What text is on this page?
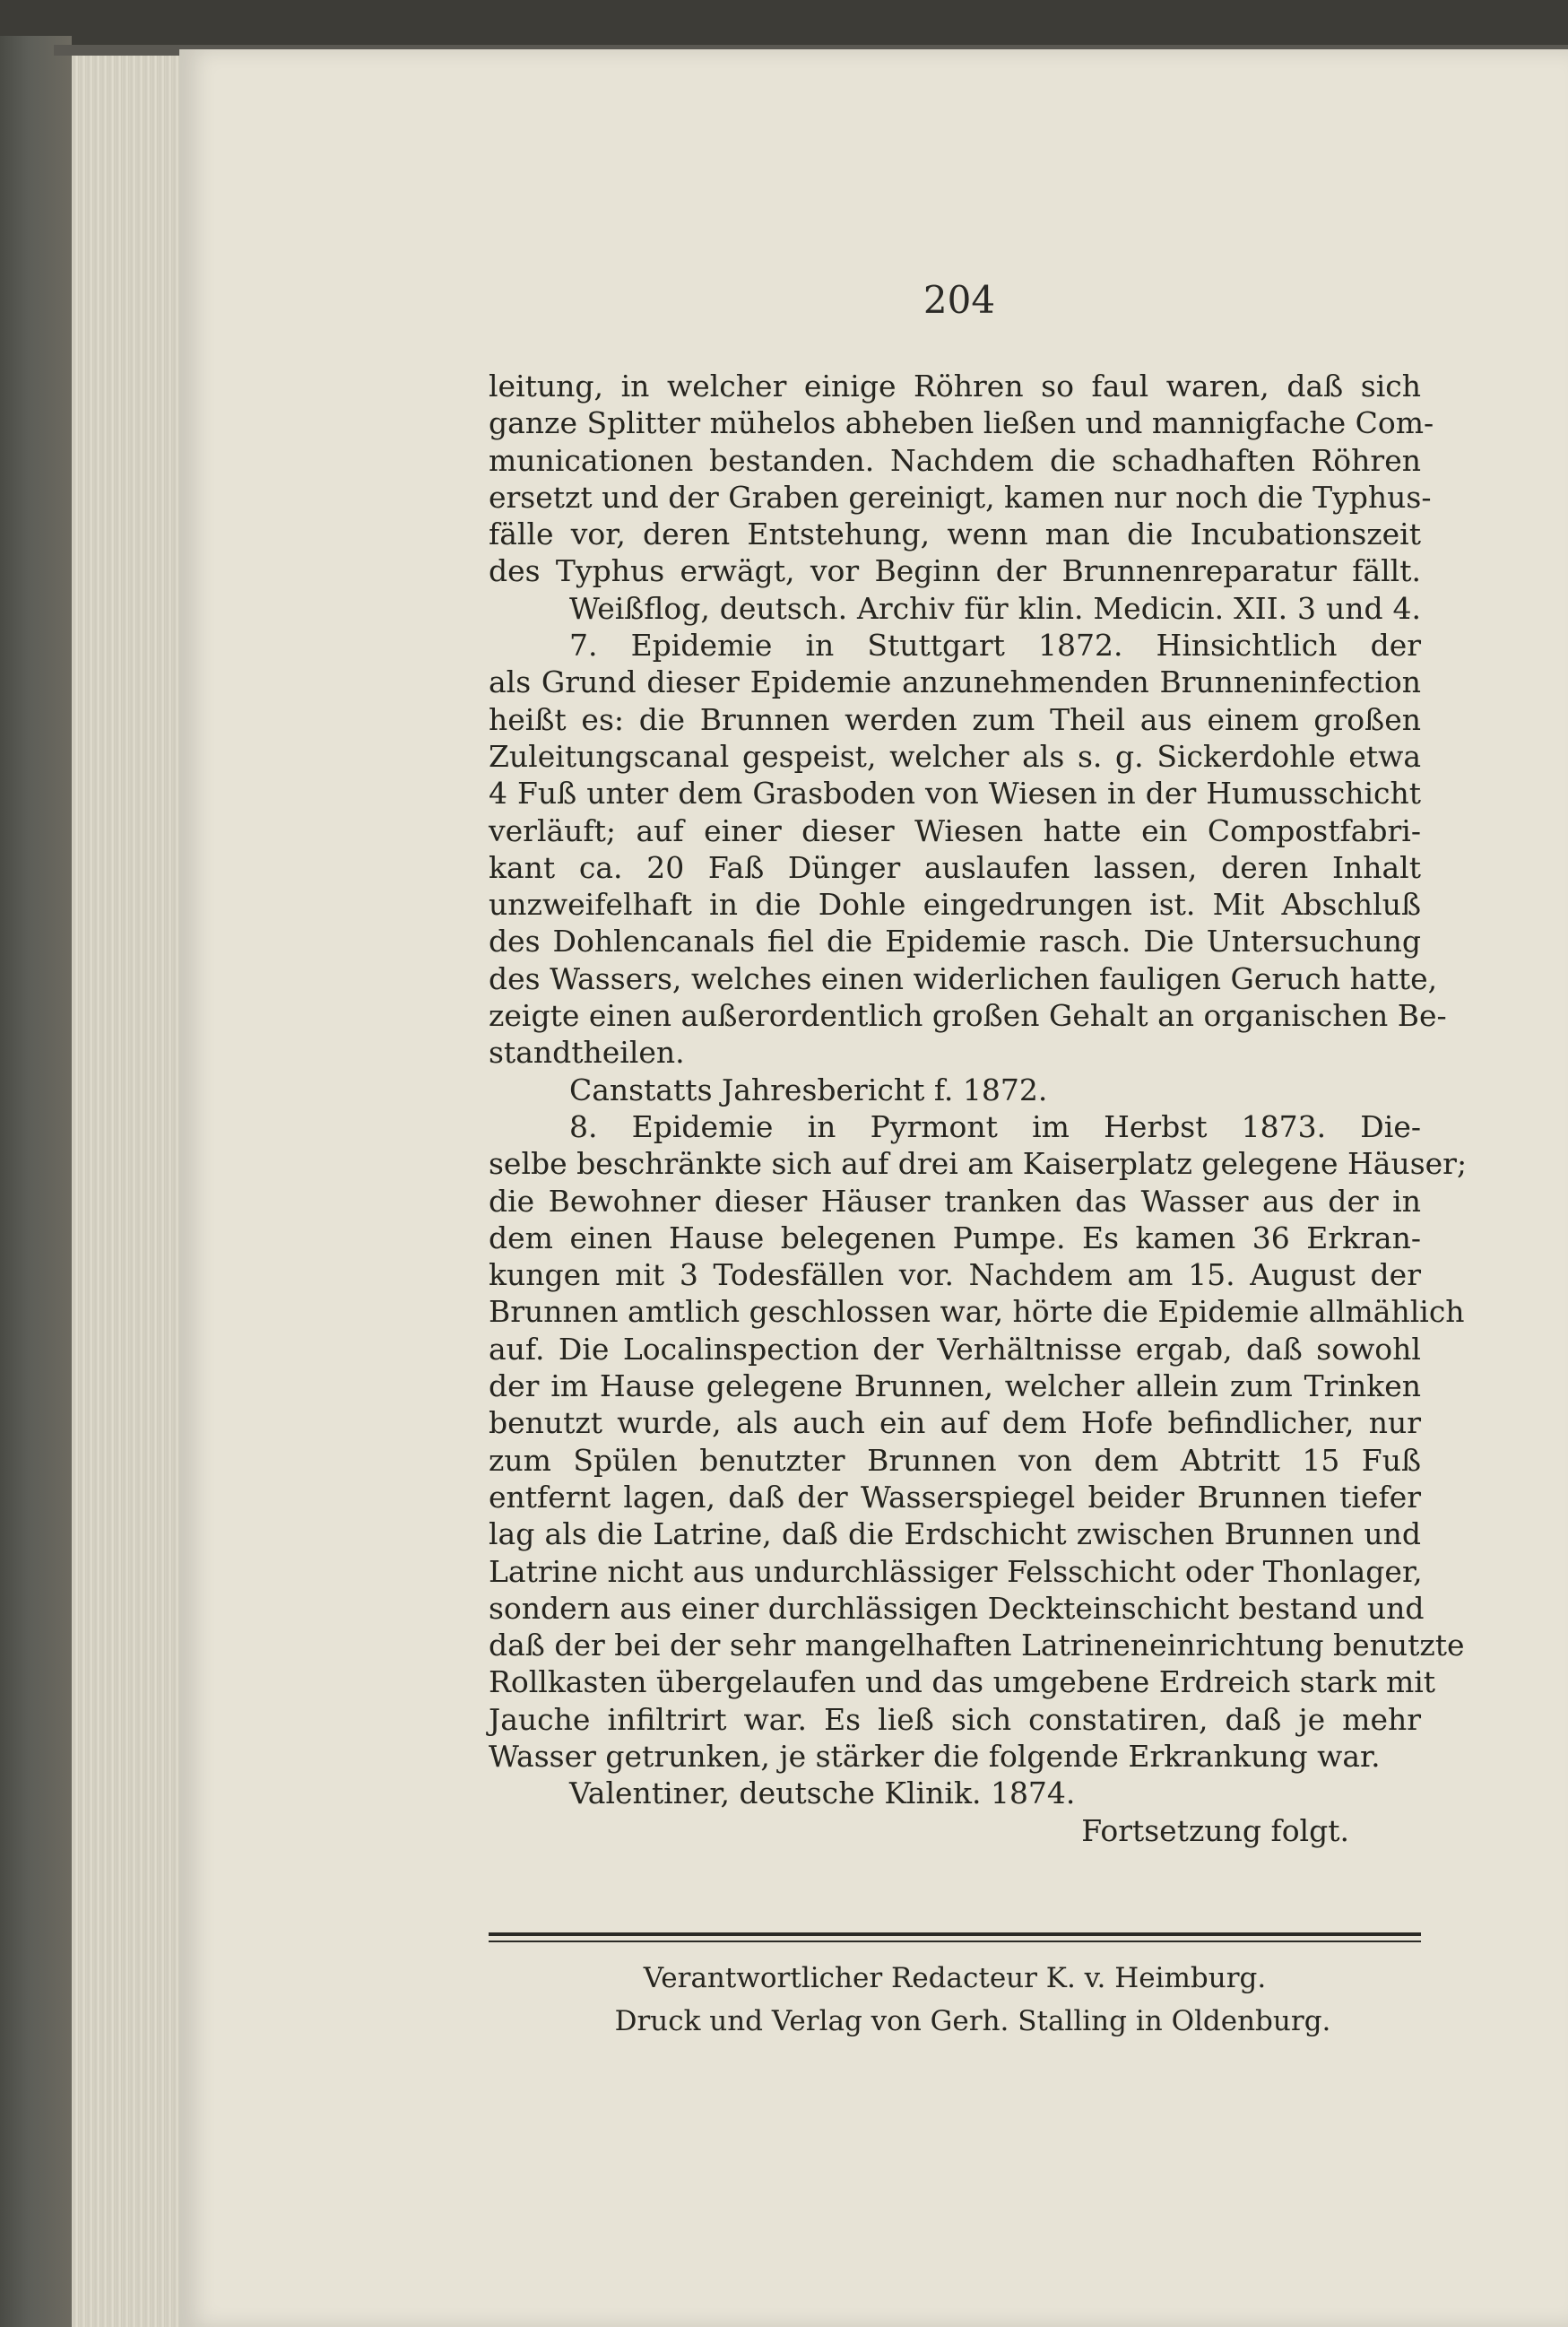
204
leitung, in welcher einige Röhren so faul waren, daß sich
ganze Splitter mühelos abheben ließen und mannigfache Com-
municationen bestanden. Nachdem die schadhaften Röhren
ersetzt und der Graben gereinigt, kamen nur noch die Typhus-
fälle vor, deren Entstehung, wenn man die Incubationszeit
des Typhus erwägt, vor Beginn der Brunnenreparatur fällt.
Weißflog, deutsch. Archiv für klin. Medicin. XII. 3 und 4.
7. Epidemie in Stuttgart 1872. Hinsichtlich der
als Grund dieser Epidemie anzunehmenden Brunneninfection
heißt es: die Brunnen werden zum Theil aus einem großen
Zuleitungscanal gespeist, welcher als s. g. Sickerdohle etwa
4 Fuß unter dem Grasboden von Wiesen in der Humusschicht
verläuft; auf einer dieser Wiesen hatte ein Compostfabri-
kant ca. 20 Faß Dünger auslaufen lassen, deren Inhalt
unzweifelhaft in die Dohle eingedrungen ist. Mit Abschluß
des Dohlencanals fiel die Epidemie rasch. Die Untersuchung
des Wassers, welches einen widerlichen fauligen Geruch hatte,
zeigte einen außerordentlich großen Gehalt an organischen Be-
standtheilen.
Canstatts Jahresbericht f. 1872.
8. Epidemie in Pyrmont im Herbst 1873. Die-
selbe beschränkte sich auf drei am Kaiserplatz gelegene Häuser;
die Bewohner dieser Häuser tranken das Wasser aus der in
dem einen Hause belegenen Pumpe. Es kamen 36 Erkran-
kungen mit 3 Todesfällen vor. Nachdem am 15. August der
Brunnen amtlich geschlossen war, hörte die Epidemie allmählich
auf. Die Localinspection der Verhältnisse ergab, daß sowohl
der im Hause gelegene Brunnen, welcher allein zum Trinken
benutzt wurde, als auch ein auf dem Hofe befindlicher, nur
zum Spülen benutzter Brunnen von dem Abtritt 15 Fuß
entfernt lagen, daß der Wasserspiegel beider Brunnen tiefer
lag als die Latrine, daß die Erdschicht zwischen Brunnen und
Latrine nicht aus undurchlässiger Felsschicht oder Thonlager,
sondern aus einer durchlässigen Deckteinschicht bestand und
daß der bei der sehr mangelhaften Latrineneinrichtung benutzte
Rollkasten übergelaufen und das umgebene Erdreich stark mit
Jauche infiltrirt war. Es ließ sich constatiren, daß je mehr
Wasser getrunken, je stärker die folgende Erkrankung war.
Valentiner, deutsche Klinik. 1874.
Fortsetzung folgt.
Verantwortlicher Redacteur K. v. Heimburg.
Druck und Verlag von Gerh. Stalling in Oldenburg.
